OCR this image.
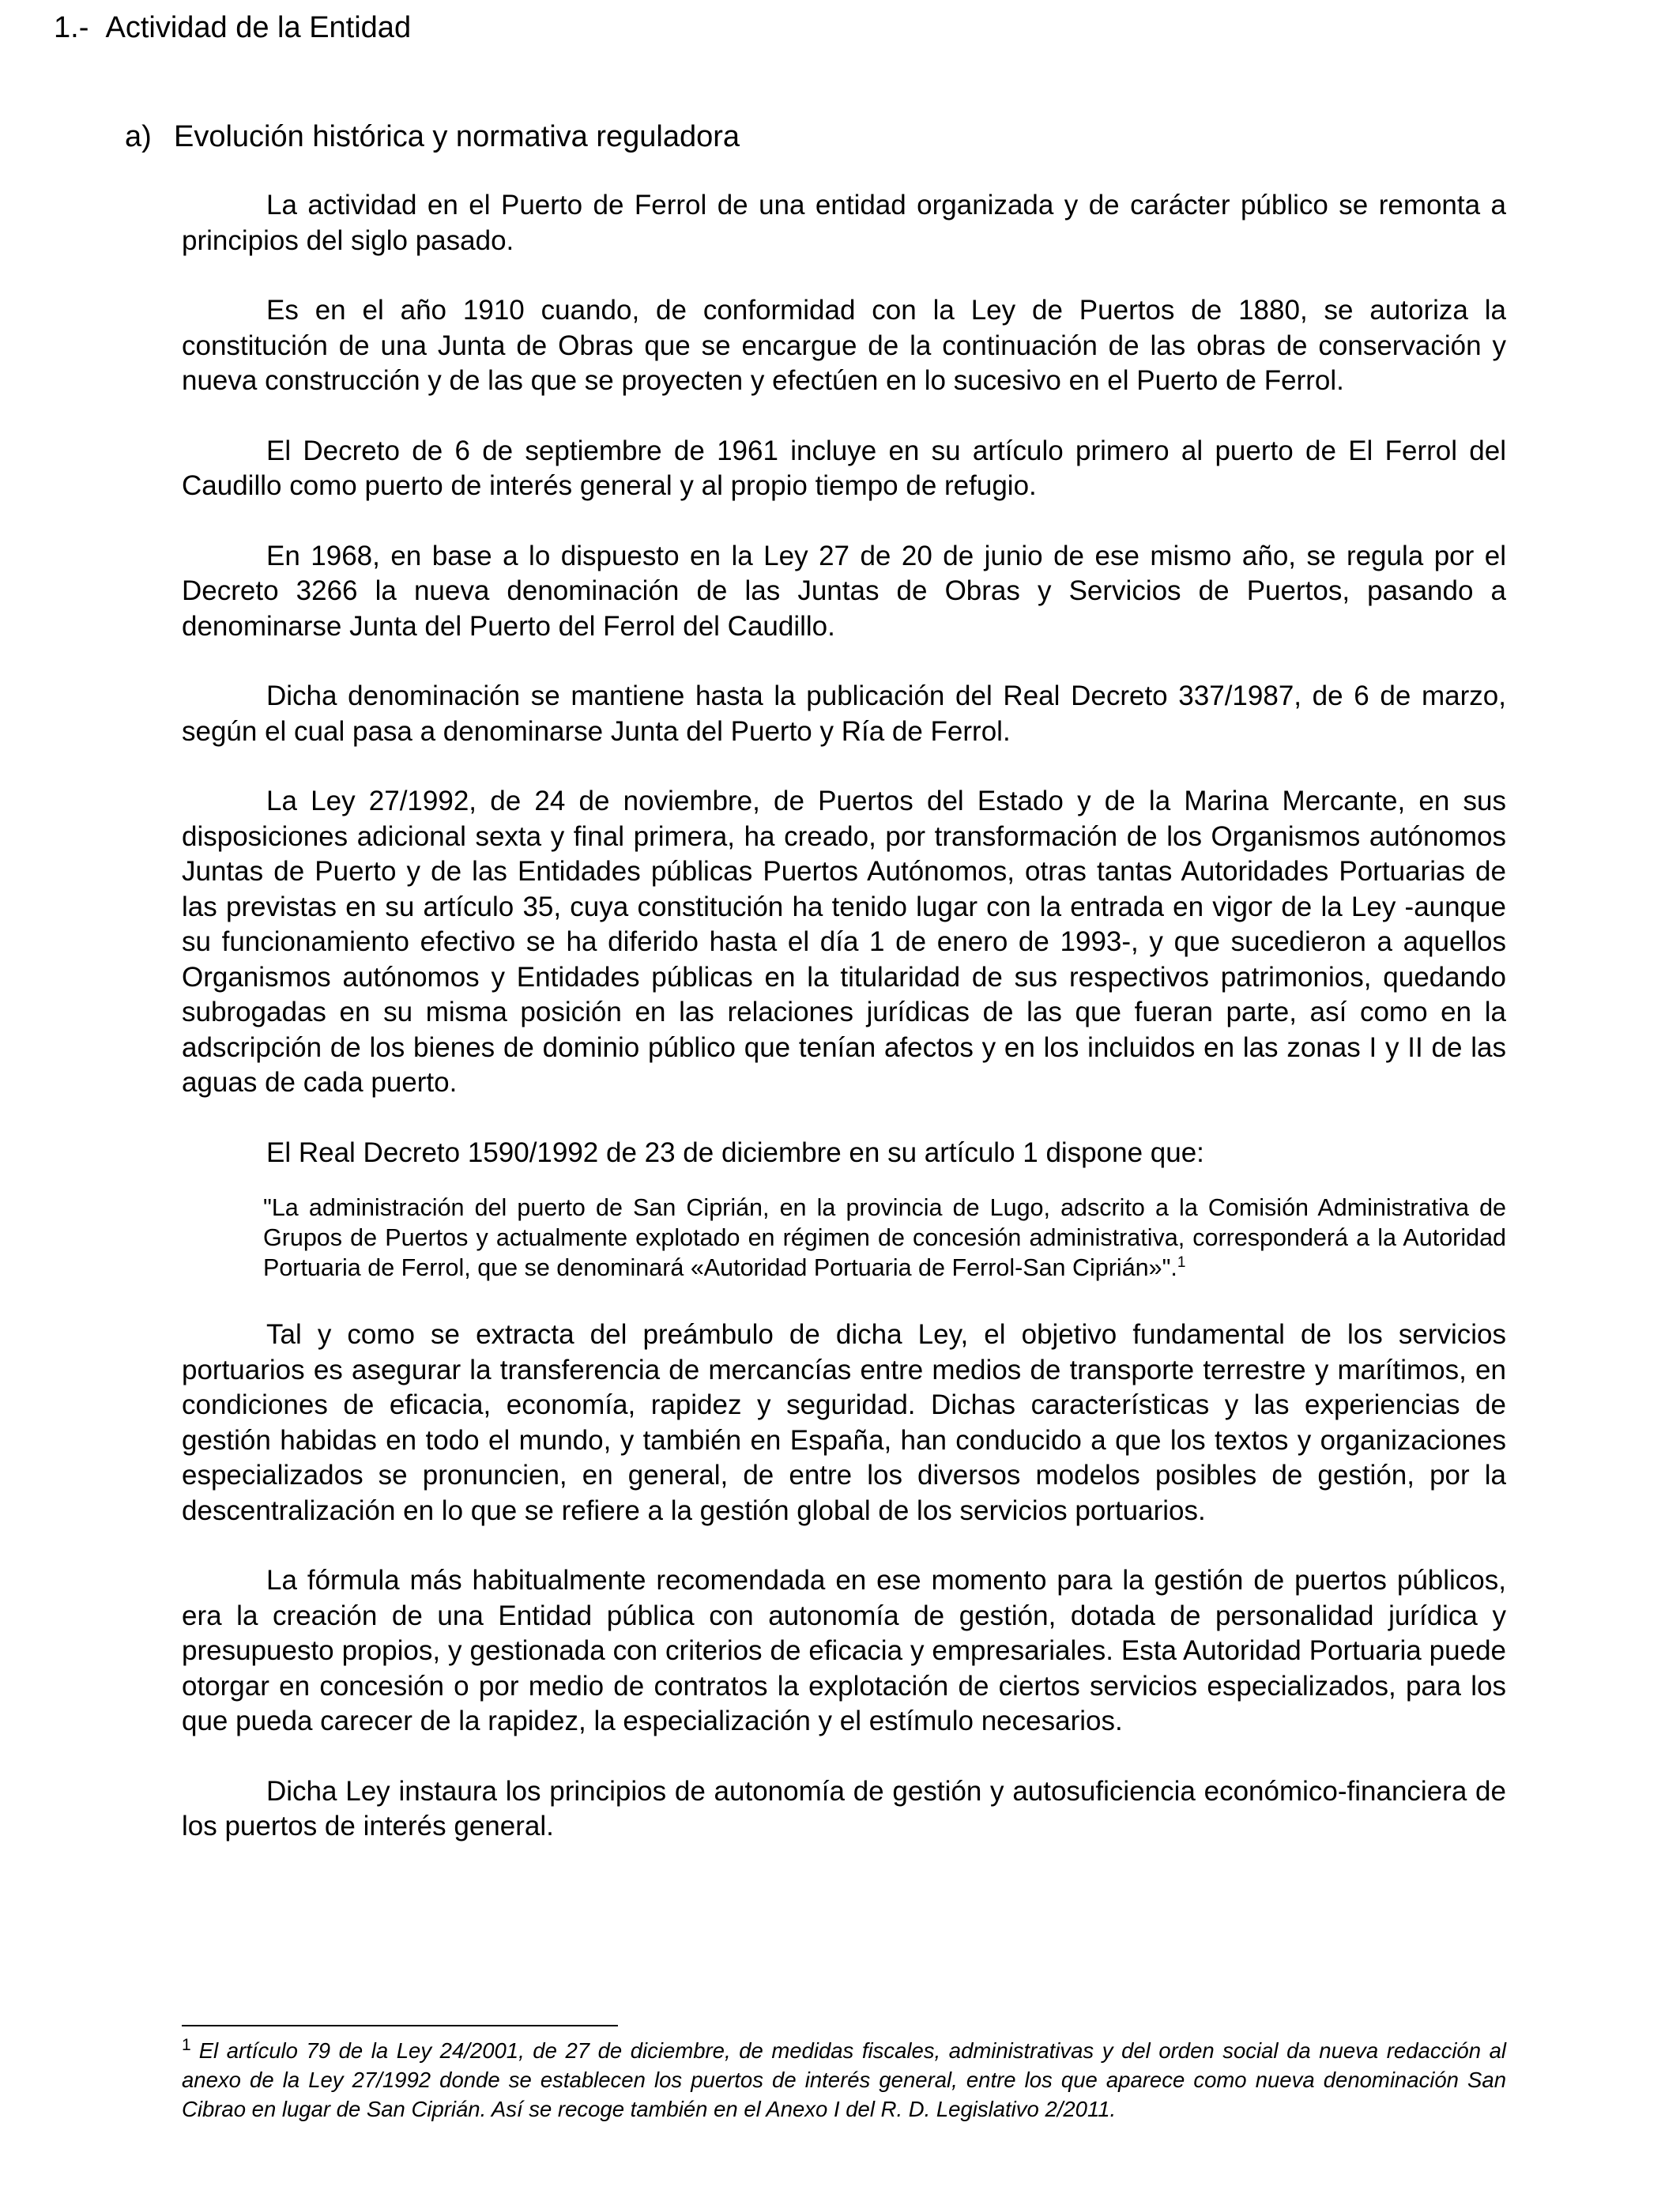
1.- Actividad de la Entidad
a) Evolución histórica y normativa reguladora

La actividad en el Puerto de Ferrol de una entidad organizada y de carácter público se remonta a principios del siglo pasado.

Es en el año 1910 cuando, de conformidad con la Ley de Puertos de 1880, se autoriza la constitución de una Junta de Obras que se encargue de la continuación de las obras de conservación y nueva construcción y de las que se proyecten y efectúen en lo sucesivo en el Puerto de Ferrol.

El Decreto de 6 de septiembre de 1961 incluye en su artículo primero al puerto de El Ferrol del Caudillo como puerto de interés general y al propio tiempo de refugio.

En 1968, en base a lo dispuesto en la Ley 27 de 20 de junio de ese mismo año, se regula por el Decreto 3266 la nueva denominación de las Juntas de Obras y Servicios de Puertos, pasando a denominarse Junta del Puerto del Ferrol del Caudillo.

Dicha denominación se mantiene hasta la publicación del Real Decreto 337/1987, de 6 de marzo, según el cual pasa a denominarse Junta del Puerto y Ría de Ferrol.

La Ley 27/1992, de 24 de noviembre, de Puertos del Estado y de la Marina Mercante, en sus disposiciones adicional sexta y final primera, ha creado, por transformación de los Organismos autónomos Juntas de Puerto y de las Entidades públicas Puertos Autónomos, otras tantas Autoridades Portuarias de las previstas en su artículo 35, cuya constitución ha tenido lugar con la entrada en vigor de la Ley -aunque su funcionamiento efectivo se ha diferido hasta el día 1 de enero de 1993-, y que sucedieron a aquellos Organismos autónomos y Entidades públicas en la titularidad de sus respectivos patrimonios, quedando subrogadas en su misma posición en las relaciones jurídicas de las que fueran parte, así como en la adscripción de los bienes de dominio público que tenían afectos y en los incluidos en las zonas I y II de las aguas de cada puerto.

El Real Decreto 1590/1992 de 23 de diciembre en su artículo 1 dispone que:

"La administración del puerto de San Ciprián, en la provincia de Lugo, adscrito a la Comisión Administrativa de Grupos de Puertos y actualmente explotado en régimen de concesión administrativa, corresponderá a la Autoridad Portuaria de Ferrol, que se denominará «Autoridad Portuaria de Ferrol-San Ciprián»".$^1$

Tal y como se extracta del preámbulo de dicha Ley, el objetivo fundamental de los servicios portuarios es asegurar la transferencia de mercancías entre medios de transporte terrestre y marítimos, en condiciones de eficacia, economía, rapidez y seguridad. Dichas características y las experiencias de gestión habidas en todo el mundo, y también en España, han conducido a que los textos y organizaciones especializados se pronuncien, en general, de entre los diversos modelos posibles de gestión, por la descentralización en lo que se refiere a la gestión global de los servicios portuarios.

La fórmula más habitualmente recomendada en ese momento para la gestión de puertos públicos, era la creación de una Entidad pública con autonomía de gestión, dotada de personalidad jurídica y presupuesto propios, y gestionada con criterios de eficacia y empresariales. Esta Autoridad Portuaria puede otorgar en concesión o por medio de contratos la explotación de ciertos servicios especializados, para los que pueda carecer de la rapidez, la especialización y el estímulo necesarios.

Dicha Ley instaura los principios de autonomía de gestión y autosuficiencia económico-financiera de los puertos de interés general.

$^1$ El artículo 79 de la Ley 24/2001, de 27 de diciembre, de medidas fiscales, administrativas y del orden social da nueva redacción al anexo de la Ley 27/1992 donde se establecen los puertos de interés general, entre los que aparece como nueva denominación San Cibrao en lugar de San Ciprián. Así se recoge también en el Anexo I del R. D. Legislativo 2/2011.
